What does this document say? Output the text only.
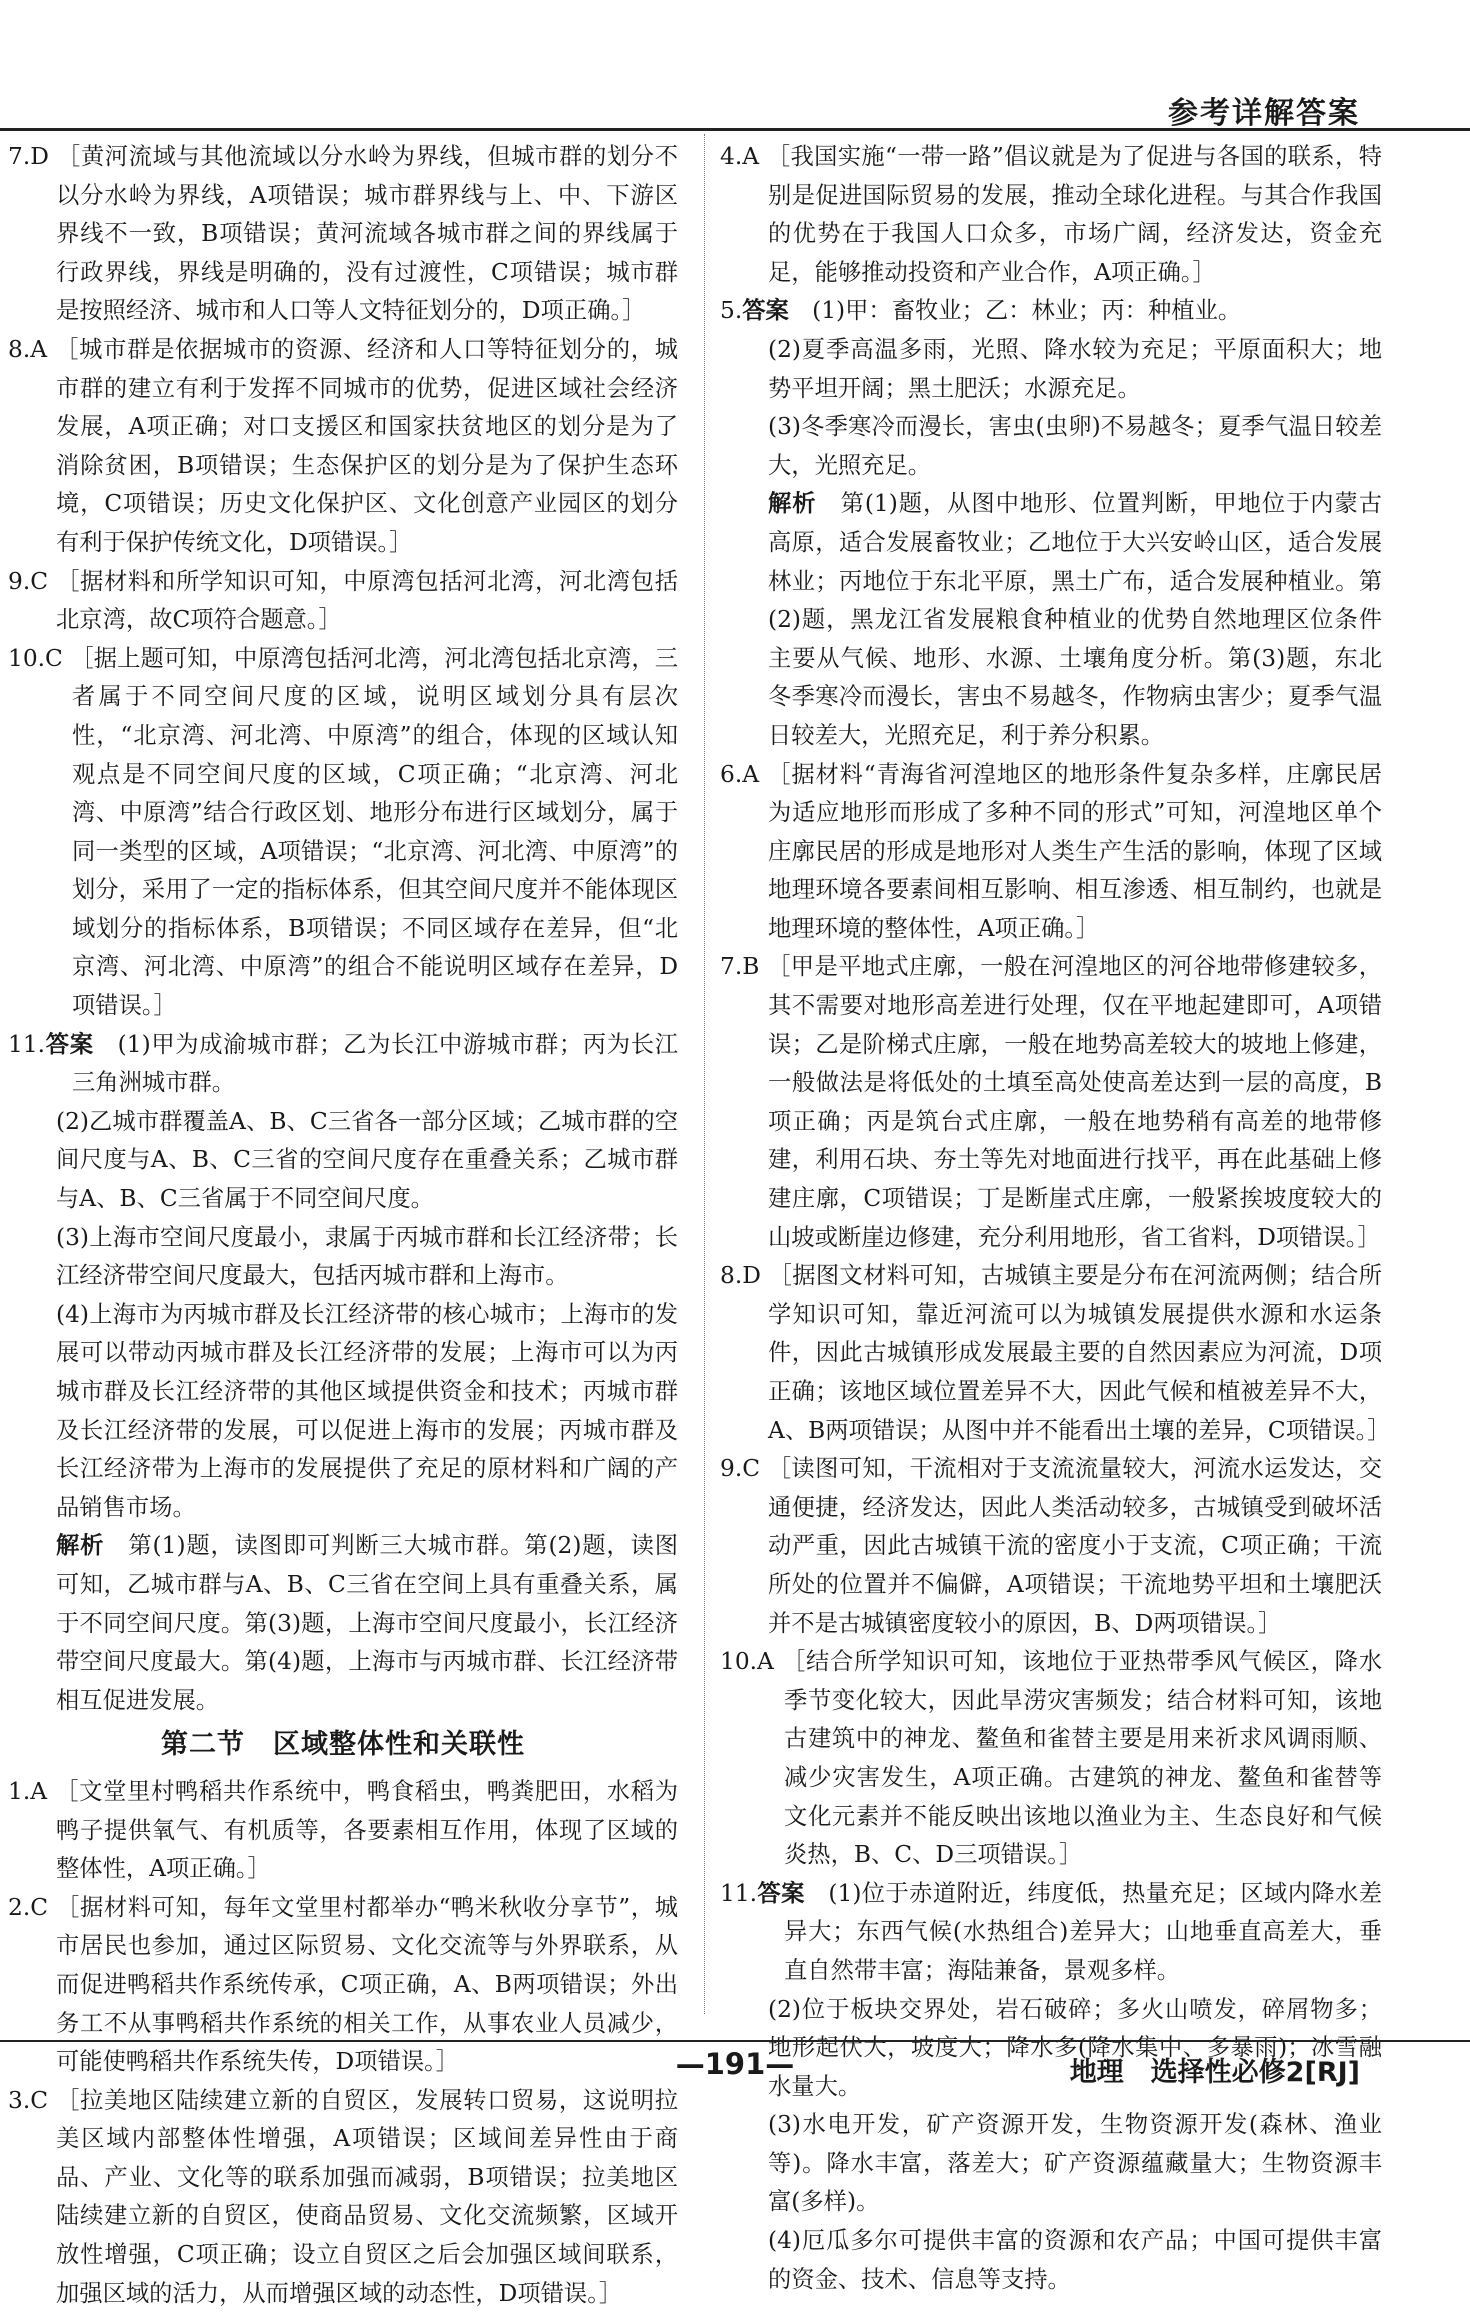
参考详解答案

7.D ［黄河流域与其他流域以分水岭为界线，但城市群的划分不以分水岭为界线，A项错误；城市群界线与上、中、下游区界线不一致，B项错误；黄河流域各城市群之间的界线属于行政界线，界线是明确的，没有过渡性，C项错误；城市群是按照经济、城市和人口等人文特征划分的，D项正确。］

8.A ［城市群是依据城市的资源、经济和人口等特征划分的，城市群的建立有利于发挥不同城市的优势，促进区域社会经济发展，A项正确；对口支援区和国家扶贫地区的划分是为了消除贫困，B项错误；生态保护区的划分是为了保护生态环境，C项错误；历史文化保护区、文化创意产业园区的划分有利于保护传统文化，D项错误。］

9.C ［据材料和所学知识可知，中原湾包括河北湾，河北湾包括北京湾，故C项符合题意。］

10.C ［据上题可知，中原湾包括河北湾，河北湾包括北京湾，三者属于不同空间尺度的区域，说明区域划分具有层次性，“北京湾、河北湾、中原湾”的组合，体现的区域认知观点是不同空间尺度的区域，C项正确；“北京湾、河北湾、中原湾”结合行政区划、地形分布进行区域划分，属于同一类型的区域，A项错误；“北京湾、河北湾、中原湾”的划分，采用了一定的指标体系，但其空间尺度并不能体现区域划分的指标体系，B项错误；不同区域存在差异，但“北京湾、河北湾、中原湾”的组合不能说明区域存在差异，D项错误。］

11.答案　(1)甲为成渝城市群；乙为长江中游城市群；丙为长江三角洲城市群。

(2)乙城市群覆盖A、B、C三省各一部分区域；乙城市群的空间尺度与A、B、C三省的空间尺度存在重叠关系；乙城市群与A、B、C三省属于不同空间尺度。

(3)上海市空间尺度最小，隶属于丙城市群和长江经济带；长江经济带空间尺度最大，包括丙城市群和上海市。

(4)上海市为丙城市群及长江经济带的核心城市；上海市的发展可以带动丙城市群及长江经济带的发展；上海市可以为丙城市群及长江经济带的其他区域提供资金和技术；丙城市群及长江经济带的发展，可以促进上海市的发展；丙城市群及长江经济带为上海市的发展提供了充足的原材料和广阔的产品销售市场。

解析　第(1)题，读图即可判断三大城市群。第(2)题，读图可知，乙城市群与A、B、C三省在空间上具有重叠关系，属于不同空间尺度。第(3)题，上海市空间尺度最小，长江经济带空间尺度最大。第(4)题，上海市与丙城市群、长江经济带相互促进发展。

第二节　区域整体性和关联性

1.A ［文堂里村鸭稻共作系统中，鸭食稻虫，鸭粪肥田，水稻为鸭子提供氧气、有机质等，各要素相互作用，体现了区域的整体性，A项正确。］

2.C ［据材料可知，每年文堂里村都举办“鸭米秋收分享节”，城市居民也参加，通过区际贸易、文化交流等与外界联系，从而促进鸭稻共作系统传承，C项正确，A、B两项错误；外出务工不从事鸭稻共作系统的相关工作，从事农业人员减少，可能使鸭稻共作系统失传，D项错误。］

3.C ［拉美地区陆续建立新的自贸区，发展转口贸易，这说明拉美区域内部整体性增强，A项错误；区域间差异性由于商品、产业、文化等的联系加强而减弱，B项错误；拉美地区陆续建立新的自贸区，使商品贸易、文化交流频繁，区域开放性增强，C项正确；设立自贸区之后会加强区域间联系，加强区域的活力，从而增强区域的动态性，D项错误。］

4.A ［我国实施“一带一路”倡议就是为了促进与各国的联系，特别是促进国际贸易的发展，推动全球化进程。与其合作我国的优势在于我国人口众多，市场广阔，经济发达，资金充足，能够推动投资和产业合作，A项正确。］

5.答案　(1)甲：畜牧业；乙：林业；丙：种植业。

(2)夏季高温多雨，光照、降水较为充足；平原面积大；地势平坦开阔；黑土肥沃；水源充足。

(3)冬季寒冷而漫长，害虫(虫卵)不易越冬；夏季气温日较差大，光照充足。

解析　第(1)题，从图中地形、位置判断，甲地位于内蒙古高原，适合发展畜牧业；乙地位于大兴安岭山区，适合发展林业；丙地位于东北平原，黑土广布，适合发展种植业。第(2)题，黑龙江省发展粮食种植业的优势自然地理区位条件主要从气候、地形、水源、土壤角度分析。第(3)题，东北冬季寒冷而漫长，害虫不易越冬，作物病虫害少；夏季气温日较差大，光照充足，利于养分积累。

6.A ［据材料“青海省河湟地区的地形条件复杂多样，庄廓民居为适应地形而形成了多种不同的形式”可知，河湟地区单个庄廓民居的形成是地形对人类生产生活的影响，体现了区域地理环境各要素间相互影响、相互渗透、相互制约，也就是地理环境的整体性，A项正确。］

7.B ［甲是平地式庄廓，一般在河湟地区的河谷地带修建较多，其不需要对地形高差进行处理，仅在平地起建即可，A项错误；乙是阶梯式庄廓，一般在地势高差较大的坡地上修建，一般做法是将低处的土填至高处使高差达到一层的高度，B项正确；丙是筑台式庄廓，一般在地势稍有高差的地带修建，利用石块、夯土等先对地面进行找平，再在此基础上修建庄廓，C项错误；丁是断崖式庄廓，一般紧挨坡度较大的山坡或断崖边修建，充分利用地形，省工省料，D项错误。］

8.D ［据图文材料可知，古城镇主要是分布在河流两侧；结合所学知识可知，靠近河流可以为城镇发展提供水源和水运条件，因此古城镇形成发展最主要的自然因素应为河流，D项正确；该地区域位置差异不大，因此气候和植被差异不大，A、B两项错误；从图中并不能看出土壤的差异，C项错误。］

9.C ［读图可知，干流相对于支流流量较大，河流水运发达，交通便捷，经济发达，因此人类活动较多，古城镇受到破坏活动严重，因此古城镇干流的密度小于支流，C项正确；干流所处的位置并不偏僻，A项错误；干流地势平坦和土壤肥沃并不是古城镇密度较小的原因，B、D两项错误。］

10.A ［结合所学知识可知，该地位于亚热带季风气候区，降水季节变化较大，因此旱涝灾害频发；结合材料可知，该地古建筑中的神龙、鳌鱼和雀替主要是用来祈求风调雨顺、减少灾害发生，A项正确。古建筑的神龙、鳌鱼和雀替等文化元素并不能反映出该地以渔业为主、生态良好和气候炎热，B、C、D三项错误。］

11.答案　(1)位于赤道附近，纬度低，热量充足；区域内降水差异大；东西气候(水热组合)差异大；山地垂直高差大，垂直自然带丰富；海陆兼备，景观多样。

(2)位于板块交界处，岩石破碎；多火山喷发，碎屑物多；地形起伏大，坡度大；降水多(降水集中、多暴雨)；冰雪融水量大。

(3)水电开发，矿产资源开发，生物资源开发(森林、渔业等)。降水丰富，落差大；矿产资源蕴藏量大；生物资源丰富(多样)。

(4)厄瓜多尔可提供丰富的资源和农产品；中国可提供丰富的资金、技术、信息等支持。

—191—	地理　选择性必修2[RJ]
